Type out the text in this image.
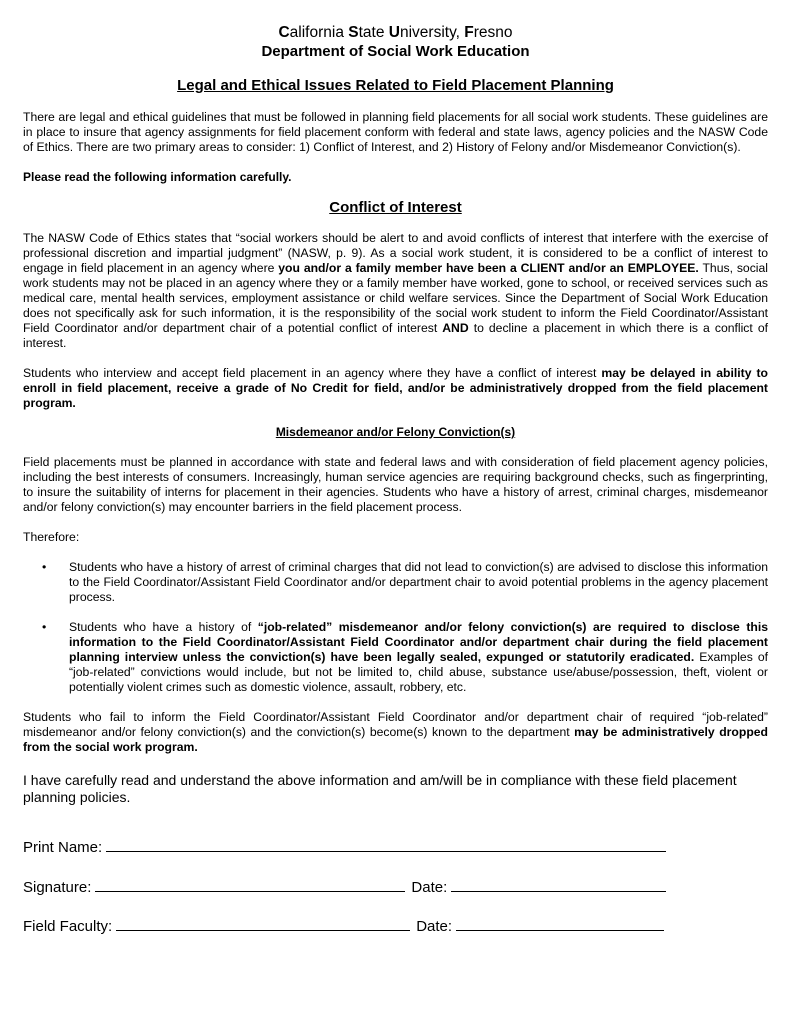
California State University, Fresno
Department of Social Work Education
Legal and Ethical Issues Related to Field Placement Planning

There are legal and ethical guidelines that must be followed in planning field placements for all social work students. These guidelines are in place to insure that agency assignments for field placement conform with federal and state laws, agency policies and the NASW Code of Ethics. There are two primary areas to consider: 1) Conflict of Interest, and 2) History of Felony and/or Misdemeanor Conviction(s).

Please read the following information carefully.
Conflict of Interest

The NASW Code of Ethics states that “social workers should be alert to and avoid conflicts of interest that interfere with the exercise of professional discretion and impartial judgment” (NASW, p. 9). As a social work student, it is considered to be a conflict of interest to engage in field placement in an agency where you and/or a family member have been a CLIENT and/or an EMPLOYEE. Thus, social work students may not be placed in an agency where they or a family member have worked, gone to school, or received services such as medical care, mental health services, employment assistance or child welfare services. Since the Department of Social Work Education does not specifically ask for such information, it is the responsibility of the social work student to inform the Field Coordinator/Assistant Field Coordinator and/or department chair of a potential conflict of interest AND to decline a placement in which there is a conflict of interest.

Students who interview and accept field placement in an agency where they have a conflict of interest may be delayed in ability to enroll in field placement, receive a grade of No Credit for field, and/or be administratively dropped from the field placement program.

Misdemeanor and/or Felony Conviction(s)

Field placements must be planned in accordance with state and federal laws and with consideration of field placement agency policies, including the best interests of consumers. Increasingly, human service agencies are requiring background checks, such as fingerprinting, to insure the suitability of interns for placement in their agencies. Students who have a history of arrest, criminal charges, misdemeanor and/or felony conviction(s) may encounter barriers in the field placement process.

Therefore:
• Students who have a history of arrest of criminal charges that did not lead to conviction(s) are advised to disclose this information to the Field Coordinator/Assistant Field Coordinator and/or department chair to avoid potential problems in the agency placement process.
• Students who have a history of “job-related” misdemeanor and/or felony conviction(s) are required to disclose this information to the Field Coordinator/Assistant Field Coordinator and/or department chair during the field placement planning interview unless the conviction(s) have been legally sealed, expunged or statutorily eradicated. Examples of “job-related” convictions would include, but not be limited to, child abuse, substance use/abuse/possession, theft, violent or potentially violent crimes such as domestic violence, assault, robbery, etc.

Students who fail to inform the Field Coordinator/Assistant Field Coordinator and/or department chair of required “job-related” misdemeanor and/or felony conviction(s) and the conviction(s) become(s) known to the department may be administratively dropped from the social work program.

I have carefully read and understand the above information and am/will be in compliance with these field placement planning policies.
Print Name:
Signature:	Date:
Field Faculty:	Date:
